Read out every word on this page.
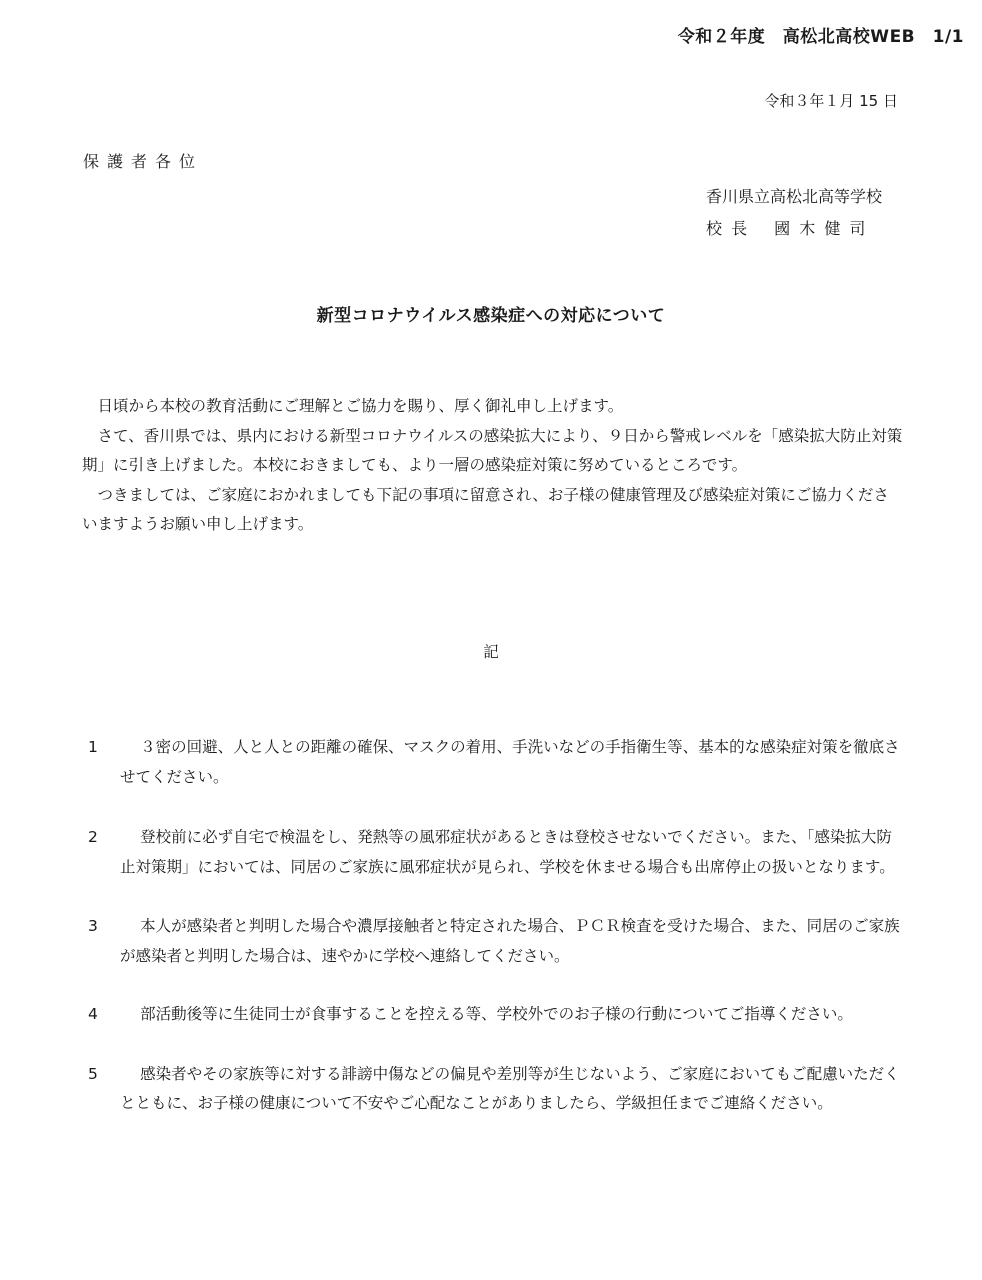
令和２年度　高松北高校WEB　1/1
令和３年１月 15 日
保護者各位
香川県立高松北高等学校
校 長　 國 木 健 司
新型コロナウイルス感染症への対応について

日頃から本校の教育活動にご理解とご協力を賜り、厚く御礼申し上げます。

さて、香川県では、県内における新型コロナウイルスの感染拡大により、９日から警戒レベルを「感染拡大防止対策期」に引き上げました。本校におきましても、より一層の感染症対策に努めているところです。

つきましては、ご家庭におかれましても下記の事項に留意され、お子様の健康管理及び感染症対策にご協力くださいますようお願い申し上げます。

記
1	３密の回避、人と人との距離の確保、マスクの着用、手洗いなどの手指衛生等、基本的な感染症対策を徹底させてください。
2	登校前に必ず自宅で検温をし、発熱等の風邪症状があるときは登校させないでください。また、「感染拡大防止対策期」においては、同居のご家族に風邪症状が見られ、学校を休ませる場合も出席停止の扱いとなります。
3	本人が感染者と判明した場合や濃厚接触者と特定された場合、ＰＣＲ検査を受けた場合、また、同居のご家族が感染者と判明した場合は、速やかに学校へ連絡してください。
4	部活動後等に生徒同士が食事することを控える等、学校外でのお子様の行動についてご指導ください。
5	感染者やその家族等に対する誹謗中傷などの偏見や差別等が生じないよう、ご家庭においてもご配慮いただくとともに、お子様の健康について不安やご心配なことがありましたら、学級担任までご連絡ください。
